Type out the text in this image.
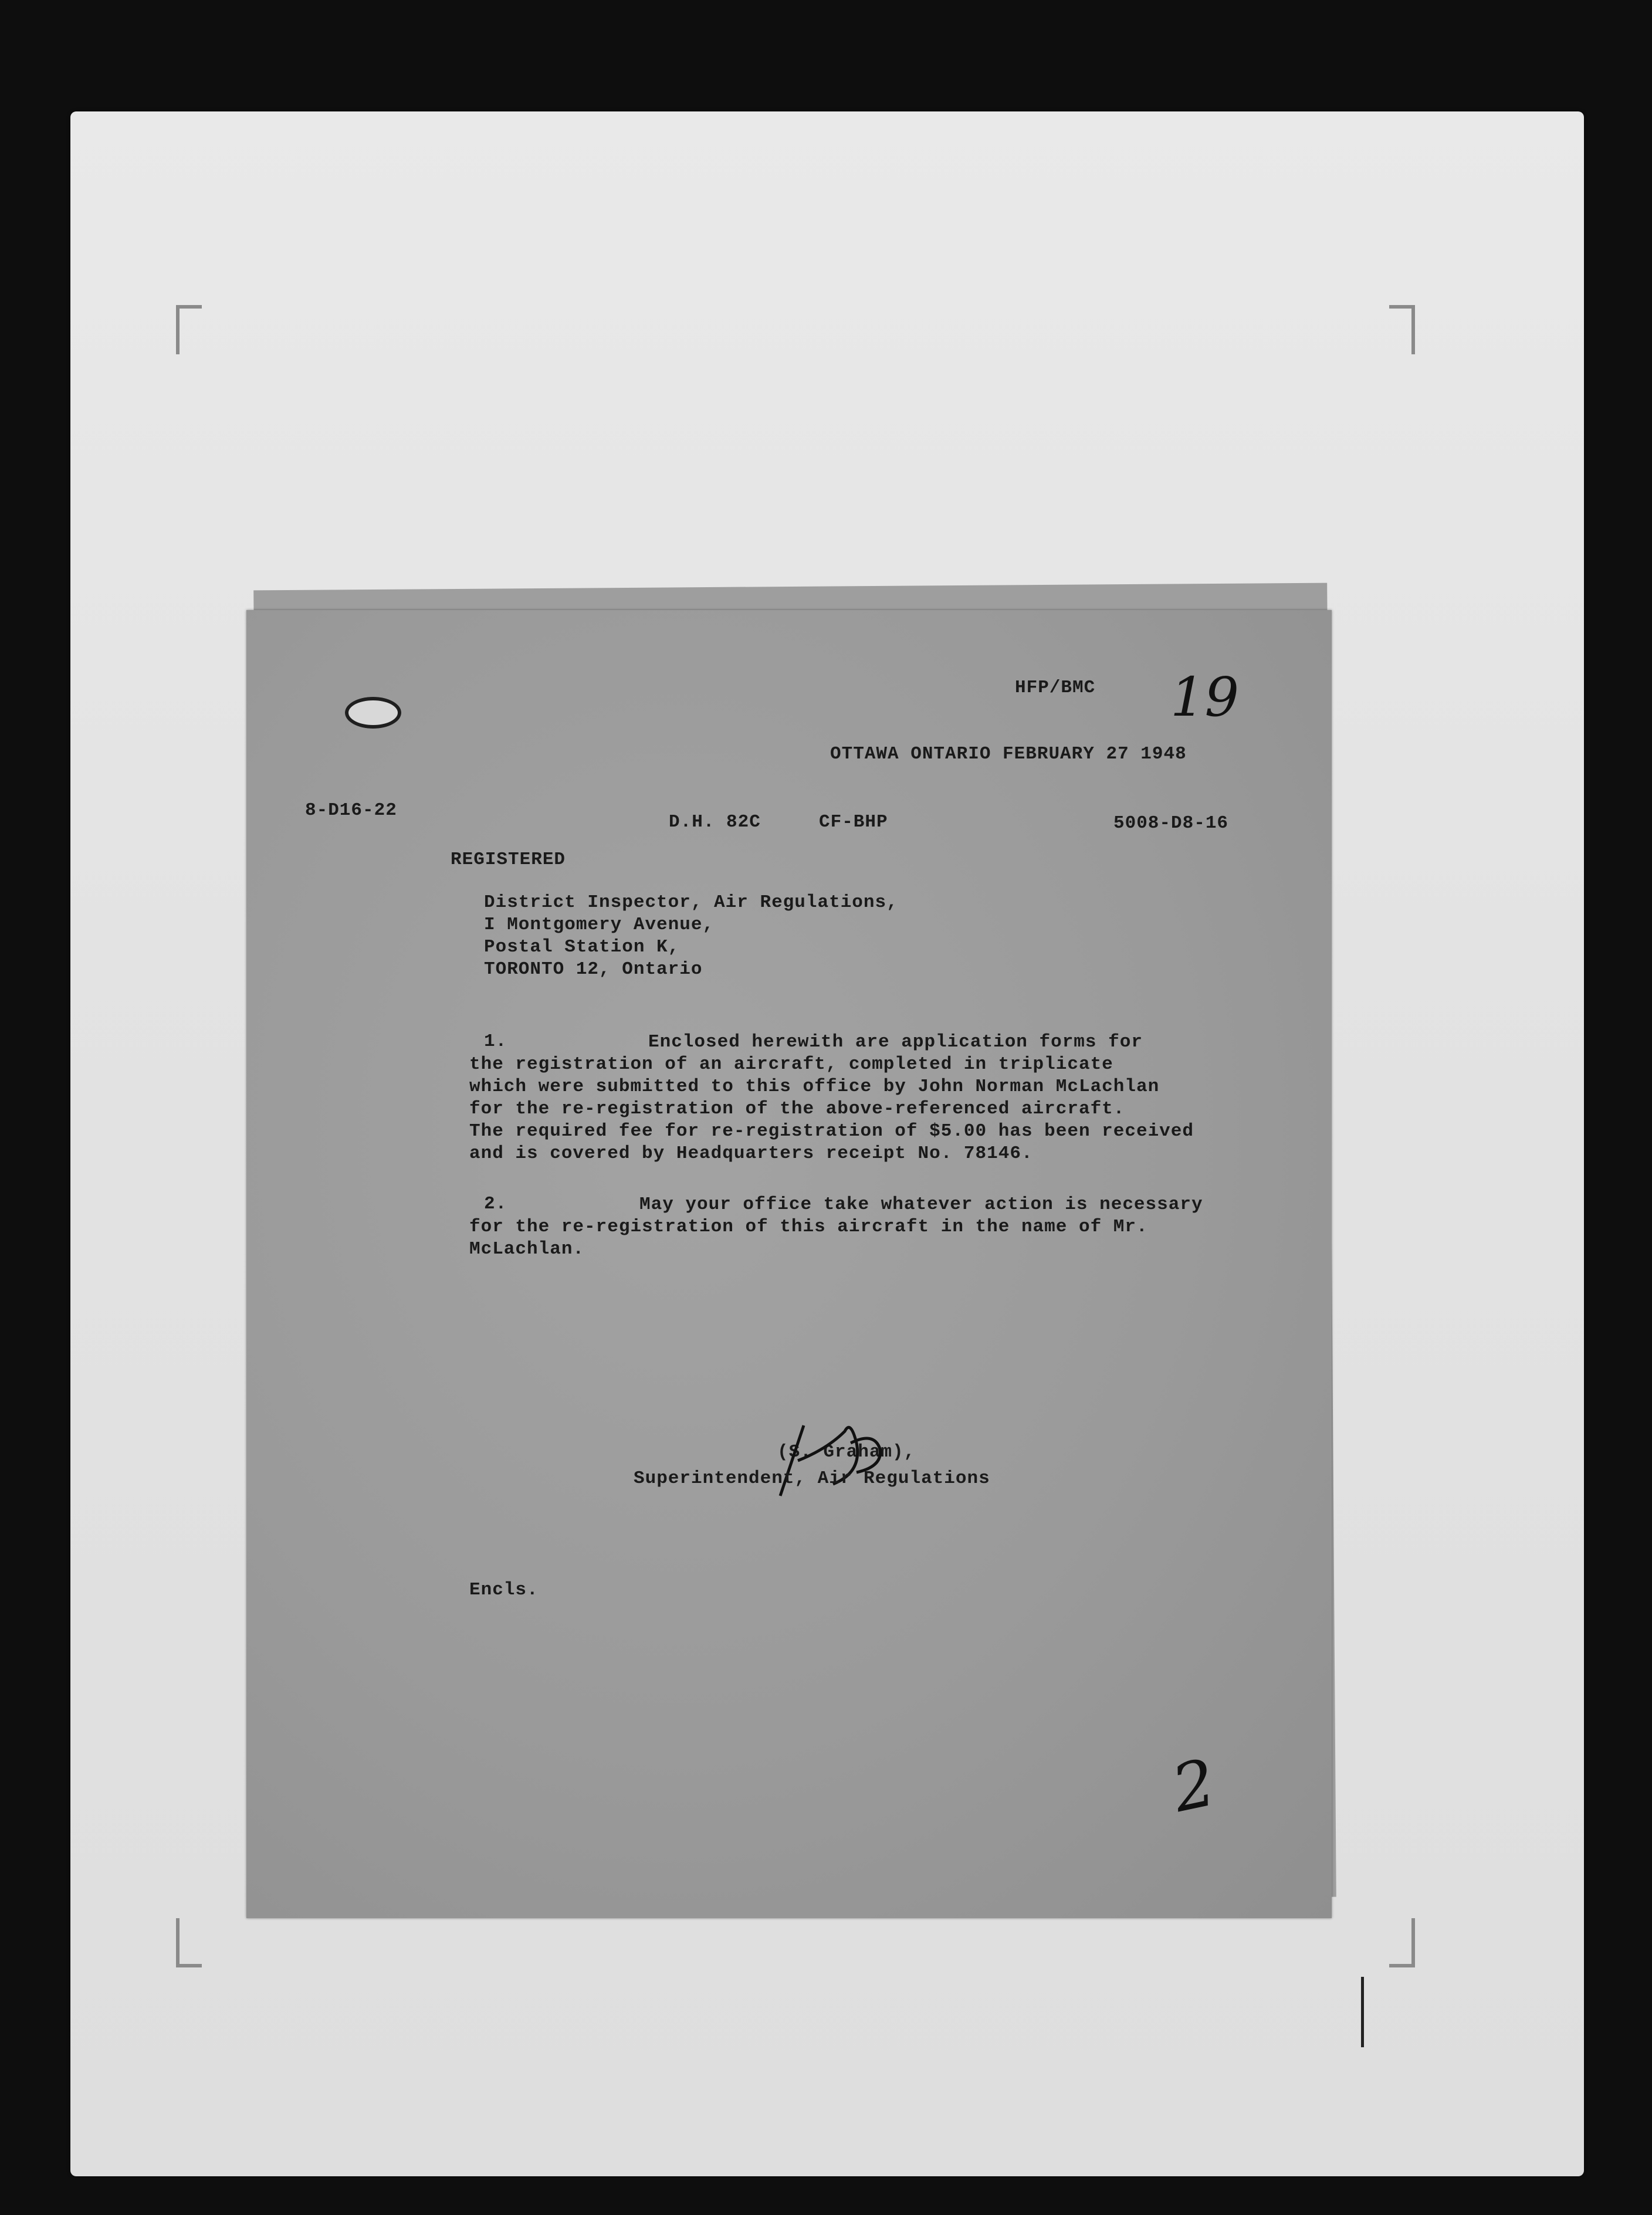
HFP/BMC 19
OTTAWA ONTARIO FEBRUARY 27 1948
8-D16-22
D.H. 82C	CF-BHP	5008-D8-16
REGISTERED
District Inspector, Air Regulations,
I Montgomery Avenue,
Postal Station K,
TORONTO 12, Ontario
1.	Enclosed herewith are application forms for
the registration of an aircraft, completed in triplicate
which were submitted to this office by John Norman McLachlan
for the re-registration of the above-referenced aircraft.
The required fee for re-registration of $5.00 has been received
and is covered by Headquarters receipt No. 78146.
2.	May your office take whatever action is necessary
for the re-registration of this aircraft in the name of Mr.
McLachlan.
(S. Graham),
Superintendent, Air Regulations
Encls.
2
